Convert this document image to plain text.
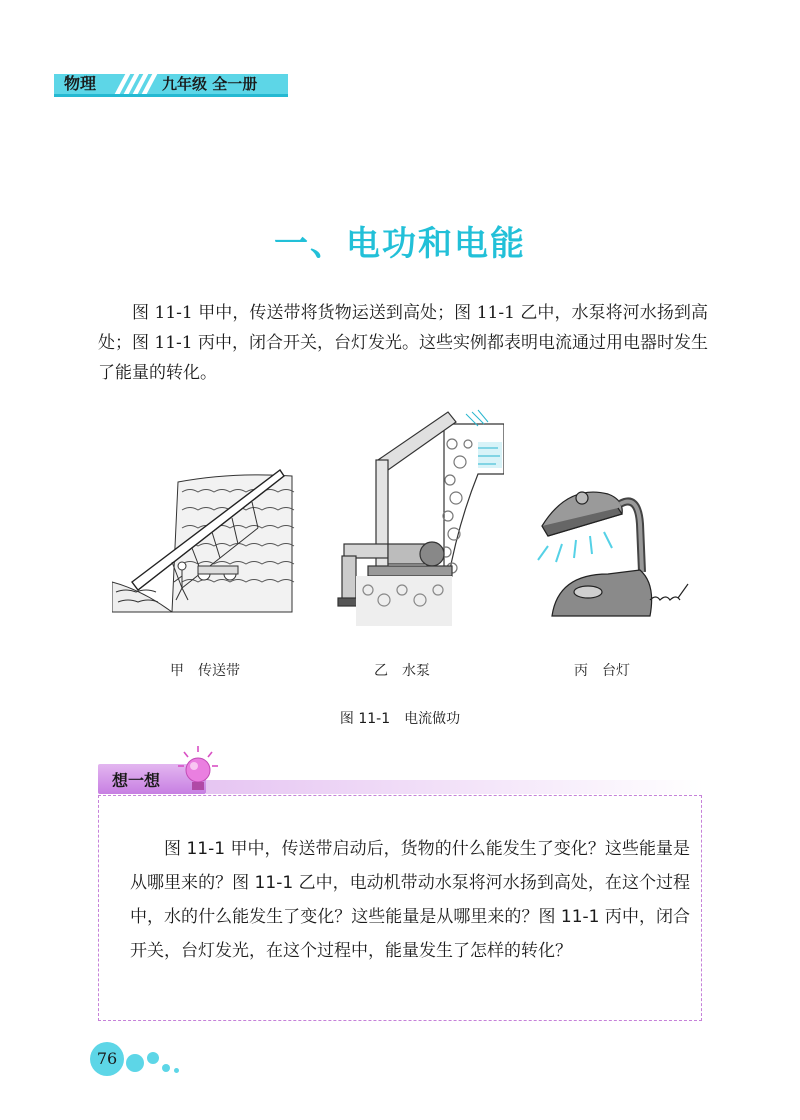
物理	九年级 全一册
一、电功和电能
图 11-1 甲中，传送带将货物运送到高处；图 11-1 乙中，水泵将河水扬到高处；图 11-1 丙中，闭合开关，台灯发光。这些实例都表明电流通过用电器时发生了能量的转化。
甲　传送带	乙　水泵	丙　台灯
图 11-1　电流做功
想一想
图 11-1 甲中，传送带启动后，货物的什么能发生了变化？这些能量是从哪里来的？图 11-1 乙中，电动机带动水泵将河水扬到高处，在这个过程中，水的什么能发生了变化？这些能量是从哪里来的？图 11-1 丙中，闭合开关，台灯发光，在这个过程中，能量发生了怎样的转化？
76
